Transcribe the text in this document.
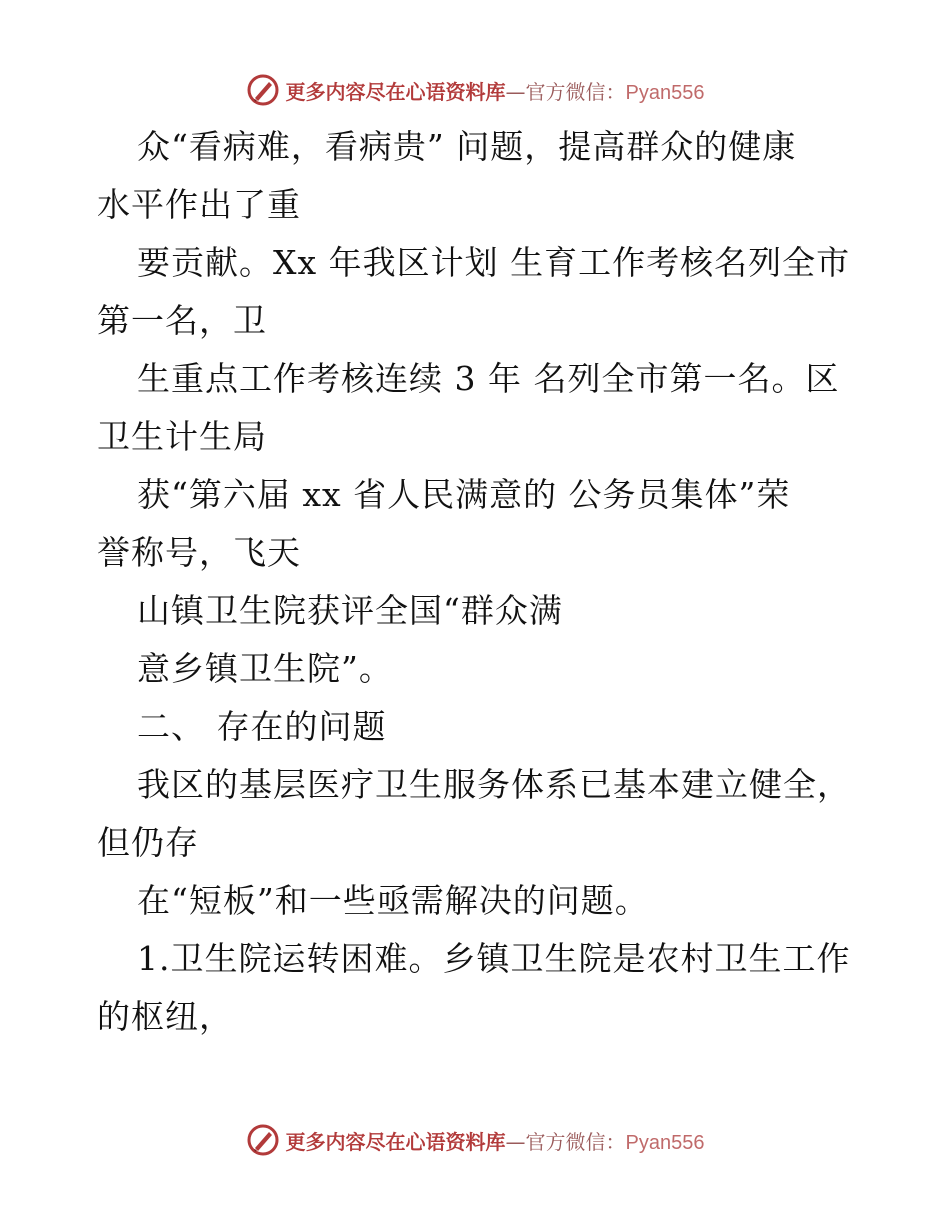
更多内容尽在心语资料库—官方微信：Pyan556
众“看病难，看病贵” 问题，提高群众的健康
水平作出了重
要贡献。Xx 年我区计划 生育工作考核名列全市
第一名，卫
生重点工作考核连续 3 年 名列全市第一名。区
卫生计生局
获“第六届 xx 省人民满意的 公务员集体”荣
誉称号，飞天
山镇卫生院获评全国“群众满
意乡镇卫生院”。
二、 存在的问题
我区的基层医疗卫生服务体系已基本建立健全，
但仍存
在“短板”和一些亟需解决的问题。
1.卫生院运转困难。乡镇卫生院是农村卫生工作
的枢纽，
更多内容尽在心语资料库—官方微信：Pyan556
